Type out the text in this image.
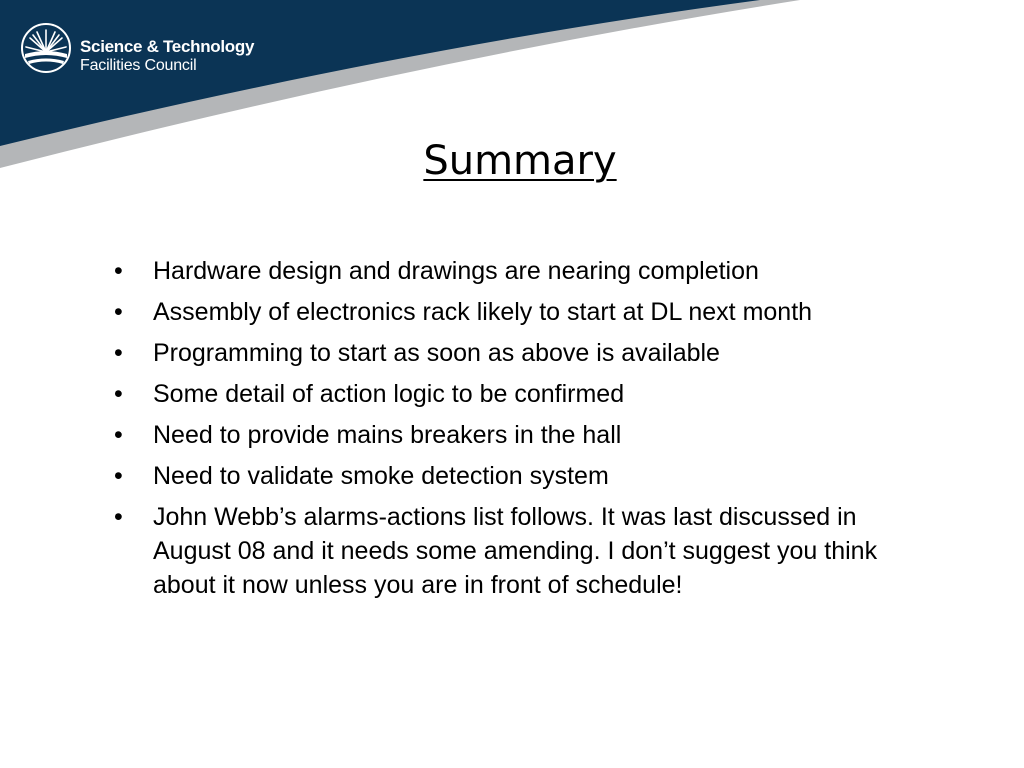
Science & Technology
Facilities Council
Summary
• Hardware design and drawings are nearing completion
• Assembly of electronics rack likely to start at DL next month
• Programming to start as soon as above is available
• Some detail of action logic to be confirmed
• Need to provide mains breakers in the hall
• Need to validate smoke detection system
• John Webb’s alarms-actions list follows. It was last discussed in August 08 and it needs some amending. I don’t suggest you think about it now unless you are in front of schedule!
